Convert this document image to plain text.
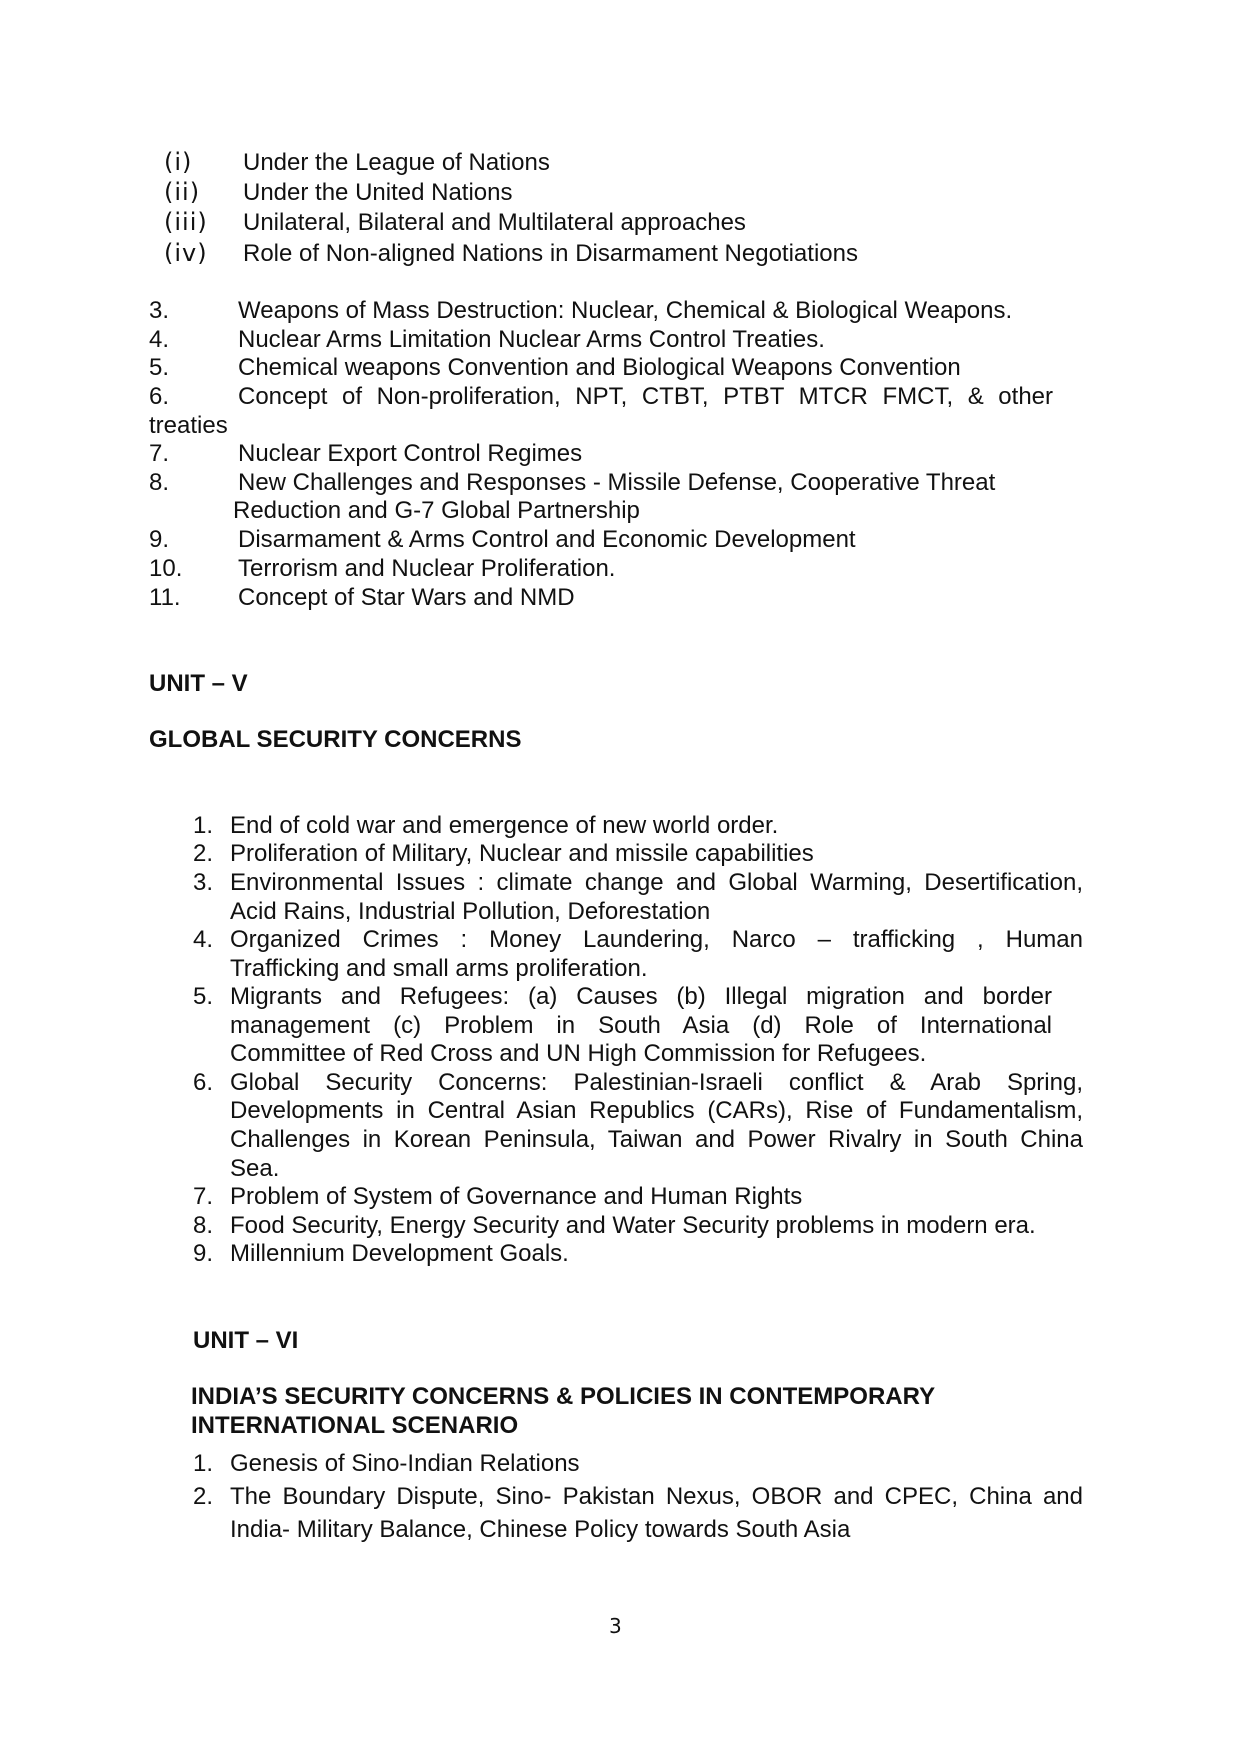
(i) Under the League of Nations
(ii) Under the United Nations
(iii) Unilateral, Bilateral and Multilateral approaches
(iv) Role of Non-aligned Nations in Disarmament Negotiations
3.	Weapons of Mass Destruction: Nuclear, Chemical & Biological Weapons.
4.	Nuclear Arms Limitation Nuclear Arms Control Treaties.
5.	Chemical weapons Convention and Biological Weapons Convention
6.	Concept of Non-proliferation, NPT, CTBT, PTBT MTCR FMCT, & other
treaties
7.	Nuclear Export Control Regimes
8.	New Challenges and Responses - Missile Defense, Cooperative Threat
Reduction and G-7 Global Partnership
9.	Disarmament & Arms Control and Economic Development
10. Terrorism and Nuclear Proliferation.
11. Concept of Star Wars and NMD
UNIT – V
GLOBAL SECURITY CONCERNS
1. End of cold war and emergence of new world order.
2. Proliferation of Military, Nuclear and missile capabilities
3. Environmental Issues : climate change and Global Warming, Desertification,
Acid Rains, Industrial Pollution, Deforestation
4. Organized Crimes : Money Laundering, Narco – trafficking , Human
Trafficking and small arms proliferation.
5. Migrants and Refugees: (a) Causes (b) Illegal migration and border
management (c) Problem in South Asia (d) Role of International
Committee of Red Cross and UN High Commission for Refugees.
6. Global Security Concerns: Palestinian-Israeli conflict & Arab Spring,
Developments in Central Asian Republics (CARs), Rise of Fundamentalism,
Challenges in Korean Peninsula, Taiwan and Power Rivalry in South China
Sea.
7. Problem of System of Governance and Human Rights
8. Food Security, Energy Security and Water Security problems in modern era.
9. Millennium Development Goals.
UNIT – VI
INDIA’S SECURITY CONCERNS & POLICIES IN CONTEMPORARY
INTERNATIONAL SCENARIO
1. Genesis of Sino-Indian Relations
2. The Boundary Dispute, Sino- Pakistan Nexus, OBOR and CPEC, China and
India- Military Balance, Chinese Policy towards South Asia
3
